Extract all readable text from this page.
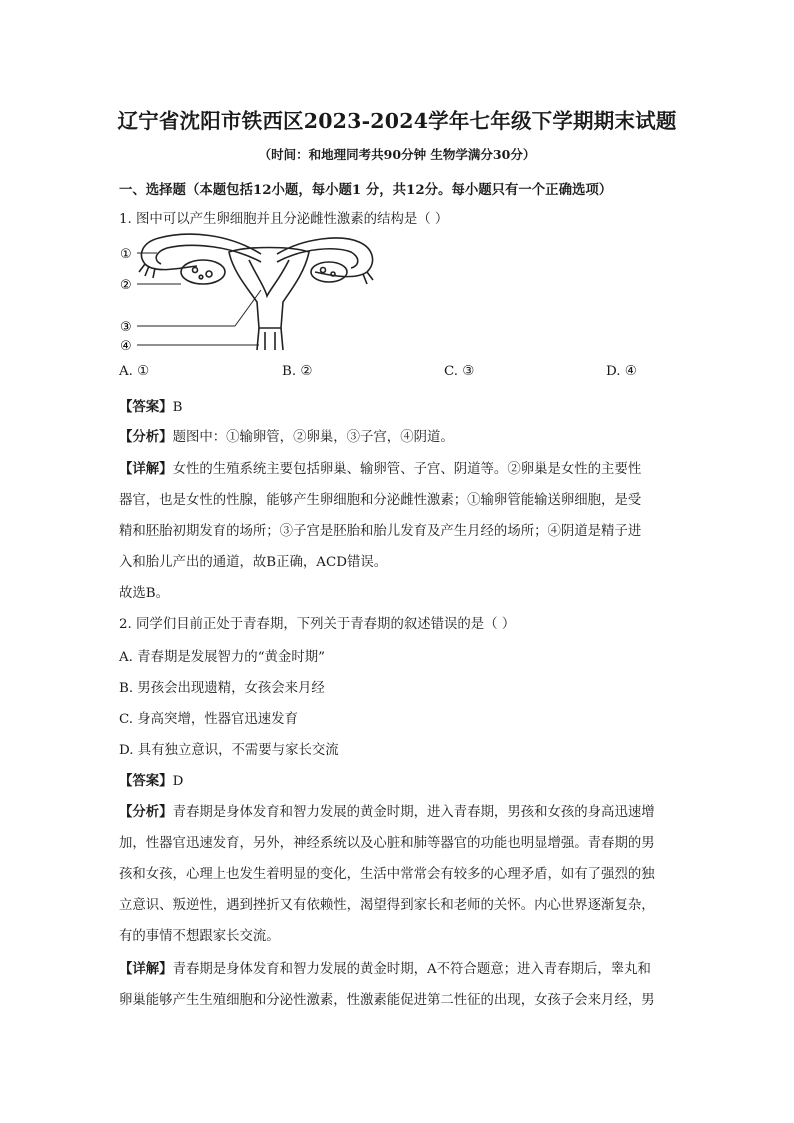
辽宁省沈阳市铁西区2023-2024学年七年级下学期期末试题
（时间：和地理同考共90分钟 生物学满分30分）
一、选择题（本题包括12小题，每小题1 分，共12分。每小题只有一个正确选项）
1. 图中可以产生卵细胞并且分泌雌性激素的结构是（ ）
①
②
③
④
A. ①	B. ②	C. ③	D. ④
【答案】B
【分析】题图中：①输卵管，②卵巢，③子宫，④阴道。
【详解】女性的生殖系统主要包括卵巢、输卵管、子宫、阴道等。②卵巢是女性的主要性
器官，也是女性的性腺，能够产生卵细胞和分泌雌性激素；①输卵管能输送卵细胞，是受
精和胚胎初期发育的场所；③子宫是胚胎和胎儿发育及产生月经的场所；④阴道是精子进
入和胎儿产出的通道，故B正确，ACD错误。
故选B。
2. 同学们目前正处于青春期，下列关于青春期的叙述错误的是（ ）
A. 青春期是发展智力的“黄金时期”
B. 男孩会出现遗精，女孩会来月经
C. 身高突增，性器官迅速发育
D. 具有独立意识，不需要与家长交流
【答案】D
【分析】青春期是身体发育和智力发展的黄金时期，进入青春期，男孩和女孩的身高迅速增
加，性器官迅速发育，另外，神经系统以及心脏和肺等器官的功能也明显增强。青春期的男
孩和女孩，心理上也发生着明显的变化，生活中常常会有较多的心理矛盾，如有了强烈的独
立意识、叛逆性，遇到挫折又有依赖性，渴望得到家长和老师的关怀。内心世界逐渐复杂，
有的事情不想跟家长交流。
【详解】青春期是身体发育和智力发展的黄金时期，A不符合题意；进入青春期后，睾丸和
卵巢能够产生生殖细胞和分泌性激素，性激素能促进第二性征的出现，女孩子会来月经，男
